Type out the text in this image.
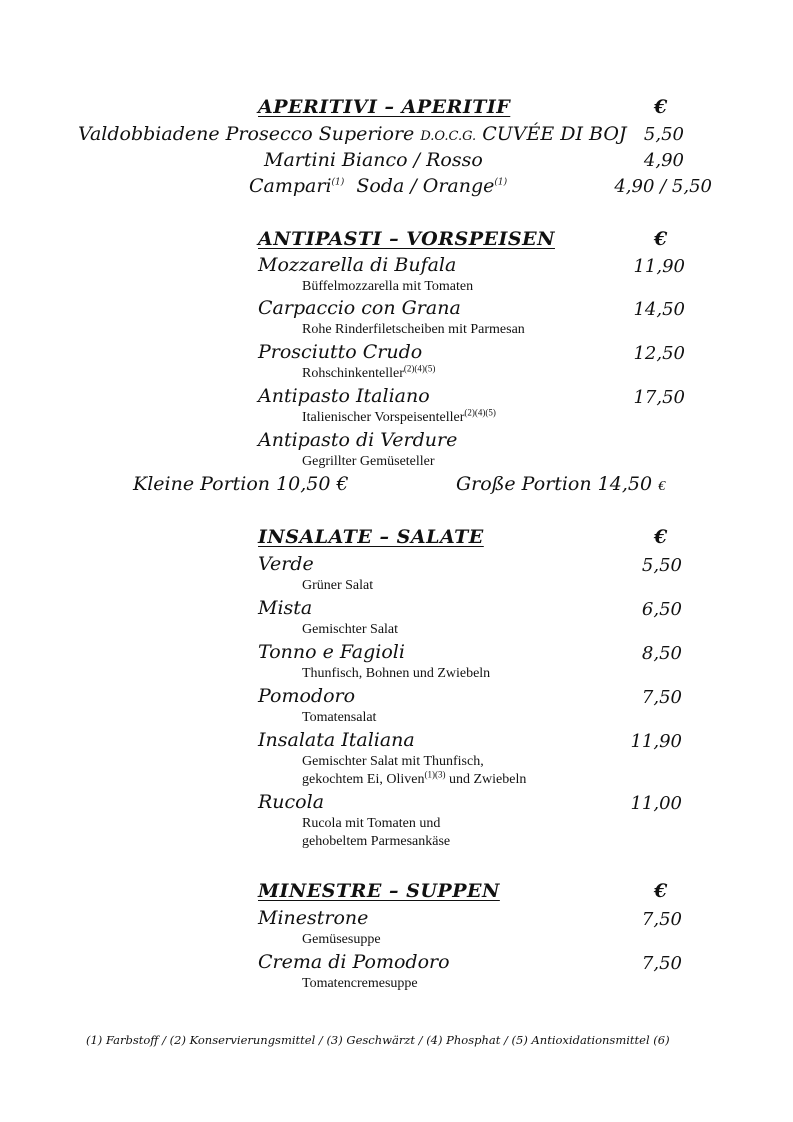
APERITIVI – APERITIF	€
Valdobbiadene Prosecco Superiore D.O.C.G. CUVÉE DI BOJ 5,50
Martini Bianco / Rosso	4,90
Campari$^{(1)}$ Soda / Orange$^{(1)}$	4,90 / 5,50
ANTIPASTI – VORSPEISEN	€
Mozzarella di Bufala	11,90
Büffelmozzarella mit Tomaten
Carpaccio con Grana	14,50
Rohe Rinderfiletscheiben mit Parmesan
Prosciutto Crudo	12,50
Rohschinkenteller$^{(2)(4)(5)}$
Antipasto Italiano	17,50
Italienischer Vorspeisenteller$^{(2)(4)(5)}$
Antipasto di Verdure
Gegrillter Gemüseteller
Kleine Portion 10,50 €	Große Portion 14,50 €
INSALATE – SALATE	€
Verde	5,50
Grüner Salat
Mista	6,50
Gemischter Salat
Tonno e Fagioli	8,50
Thunfisch, Bohnen und Zwiebeln
Pomodoro	7,50
Tomatensalat
Insalata Italiana	11,90
Gemischter Salat mit Thunfisch,
gekochtem Ei, Oliven$^{(1)(3)}$ und Zwiebeln
Rucola	11,00
Rucola mit Tomaten und
gehobeltem Parmesankäse
MINESTRE – SUPPEN	€
Minestrone	7,50
Gemüsesuppe
Crema di Pomodoro	7,50
Tomatencremesuppe
(1) Farbstoff / (2) Konservierungsmittel / (3) Geschwärzt / (4) Phosphat / (5) Antioxidationsmittel (6)
